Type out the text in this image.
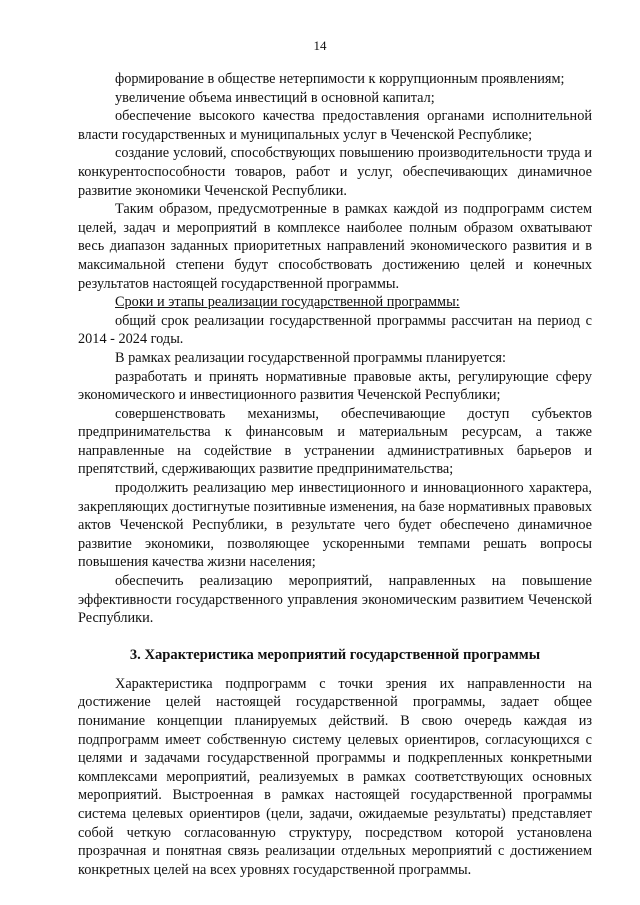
14

формирование в обществе нетерпимости к коррупционным проявлениям;

увеличение объема инвестиций в основной капитал;

обеспечение высокого качества предоставления органами исполнительной власти государственных и муниципальных услуг в Чеченской Республике;

создание условий, способствующих повышению производительности труда и конкурентоспособности товаров, работ и услуг, обеспечивающих динамичное развитие экономики Чеченской Республики.

Таким образом, предусмотренные в рамках каждой из подпрограмм систем целей, задач и мероприятий в комплексе наиболее полным образом охватывают весь диапазон заданных приоритетных направлений экономического развития и в максимальной степени будут способствовать достижению целей и конечных результатов настоящей государственной программы.

Сроки и этапы реализации государственной программы:

общий срок реализации государственной программы рассчитан на период с 2014 - 2024 годы.

В рамках реализации государственной программы планируется:

разработать и принять нормативные правовые акты, регулирующие сферу экономического и инвестиционного развития Чеченской Республики;

совершенствовать механизмы, обеспечивающие доступ субъектов предпринимательства к финансовым и материальным ресурсам, а также направленные на содействие в устранении административных барьеров и препятствий, сдерживающих развитие предпринимательства;

продолжить реализацию мер инвестиционного и инновационного характера, закрепляющих достигнутые позитивные изменения, на базе нормативных правовых актов Чеченской Республики, в результате чего будет обеспечено динамичное развитие экономики, позволяющее ускоренными темпами решать вопросы повышения качества жизни населения;

обеспечить реализацию мероприятий, направленных на повышение эффективности государственного управления экономическим развитием Чеченской Республики.

3. Характеристика мероприятий государственной программы

Характеристика подпрограмм с точки зрения их направленности на достижение целей настоящей государственной программы, задает общее понимание концепции планируемых действий. В свою очередь каждая из подпрограмм имеет собственную систему целевых ориентиров, согласующихся с целями и задачами государственной программы и подкрепленных конкретными комплексами мероприятий, реализуемых в рамках соответствующих основных мероприятий. Выстроенная в рамках настоящей государственной программы система целевых ориентиров (цели, задачи, ожидаемые результаты) представляет собой четкую согласованную структуру, посредством которой установлена прозрачная и понятная связь реализации отдельных мероприятий с достижением конкретных целей на всех уровнях государственной программы.
